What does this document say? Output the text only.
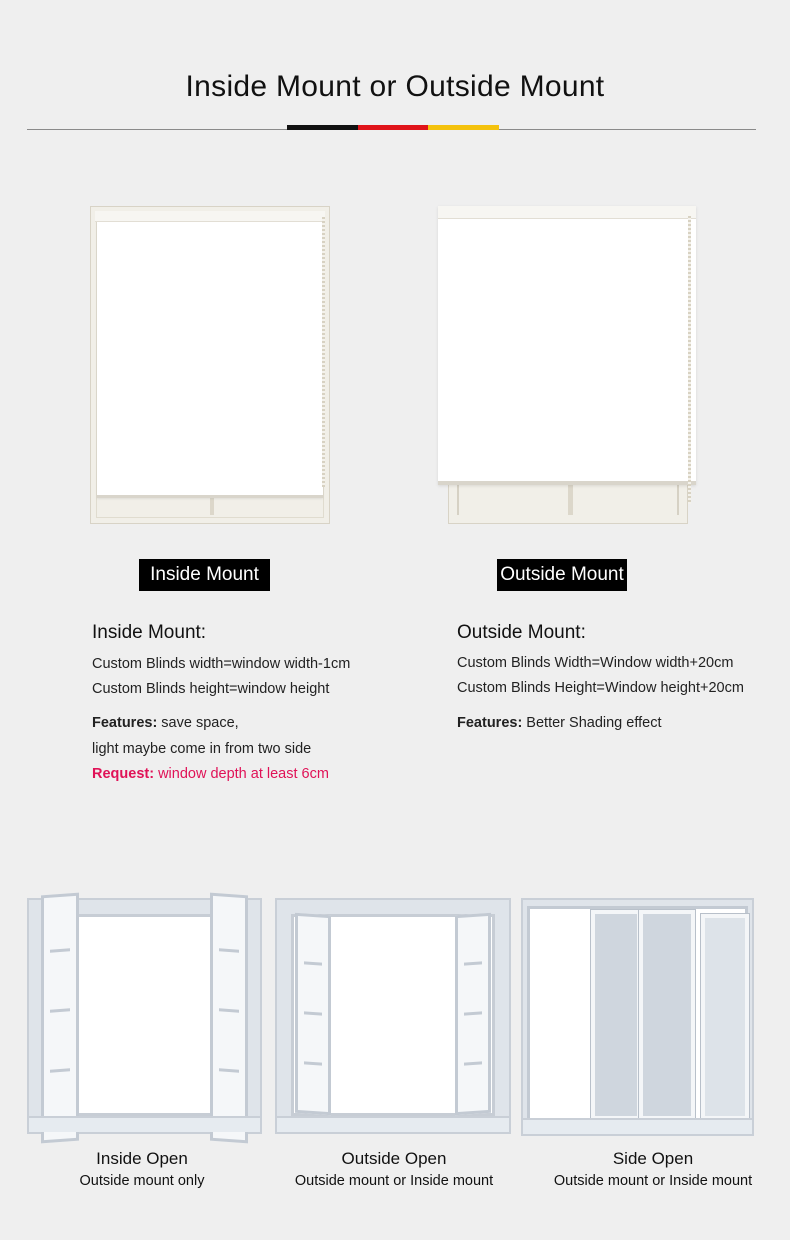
Inside Mount or Outside Mount
Inside Mount	Outside Mount
Inside Mount:
Custom Blinds width=window width-1cm
Custom Blinds height=window height
Features: save space,
light maybe come in from two side
Request: window depth at least 6cm
Outside Mount:
Custom Blinds Width=Window width+20cm
Custom Blinds Height=Window height+20cm
Features: Better Shading effect
Inside Open
Outside mount only
Outside Open
Outside mount or Inside mount
Side Open
Outside mount or Inside mount
